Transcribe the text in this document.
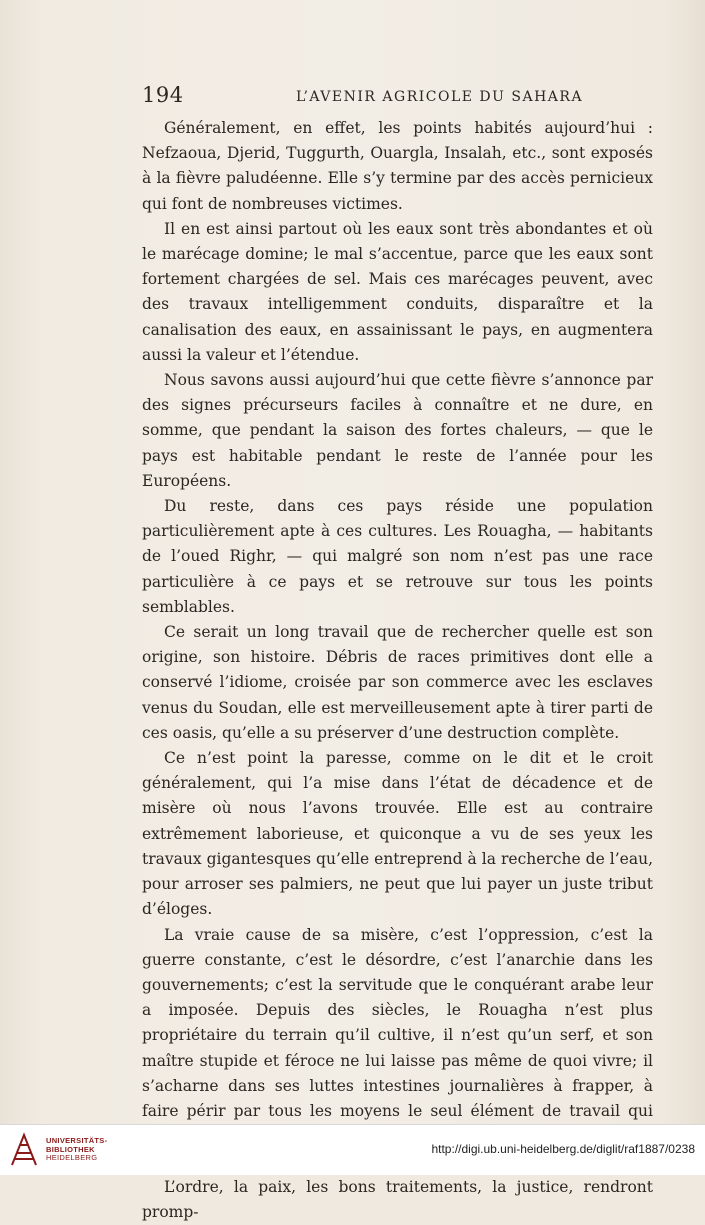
194	L’AVENIR AGRICOLE DU SAHARA

Généralement, en effet, les points habités aujourd’hui : Nefzaoua, Djerid, Tuggurth, Ouargla, Insalah, etc., sont exposés à la fièvre paludéenne. Elle s’y termine par des accès pernicieux qui font de nombreuses victimes.

Il en est ainsi partout où les eaux sont très abondantes et où le marécage domine; le mal s’accentue, parce que les eaux sont fortement chargées de sel. Mais ces marécages peuvent, avec des travaux intelligemment conduits, disparaître et la canalisation des eaux, en assainissant le pays, en augmentera aussi la valeur et l’étendue.

Nous savons aussi aujourd’hui que cette fièvre s’annonce par des signes précurseurs faciles à connaître et ne dure, en somme, que pendant la saison des fortes chaleurs, — que le pays est habitable pendant le reste de l’année pour les Européens.

Du reste, dans ces pays réside une population particulièrement apte à ces cultures. Les Rouagha, — habitants de l’oued Righr, — qui malgré son nom n’est pas une race particulière à ce pays et se retrouve sur tous les points semblables.

Ce serait un long travail que de rechercher quelle est son origine, son histoire. Débris de races primitives dont elle a conservé l’idiome, croisée par son commerce avec les esclaves venus du Soudan, elle est merveilleusement apte à tirer parti de ces oasis, qu’elle a su préserver d’une destruction complète.

Ce n’est point la paresse, comme on le dit et le croit généralement, qui l’a mise dans l’état de décadence et de misère où nous l’avons trouvée. Elle est au contraire extrêmement laborieuse, et quiconque a vu de ses yeux les travaux gigantesques qu’elle entreprend à la recherche de l’eau, pour arroser ses palmiers, ne peut que lui payer un juste tribut d’éloges.

La vraie cause de sa misère, c’est l’oppression, c’est la guerre constante, c’est le désordre, c’est l’anarchie dans les gouvernements; c’est la servitude que le conquérant arabe leur a imposée. Depuis des siècles, le Rouagha n’est plus propriétaire du terrain qu’il cultive, il n’est qu’un serf, et son maître stupide et féroce ne lui laisse pas même de quoi vivre; il s’acharne dans ses luttes intestines journalières à frapper, à faire périr par tous les moyens le seul élément de travail qui

L’ordre, la paix, les bons traitements, la justice, rendront promp-

UNIVERSITÄTS-
BIBLIOTHEK
HEIDELBERG
http://digi.ub.uni-heidelberg.de/diglit/raf1887/0238
